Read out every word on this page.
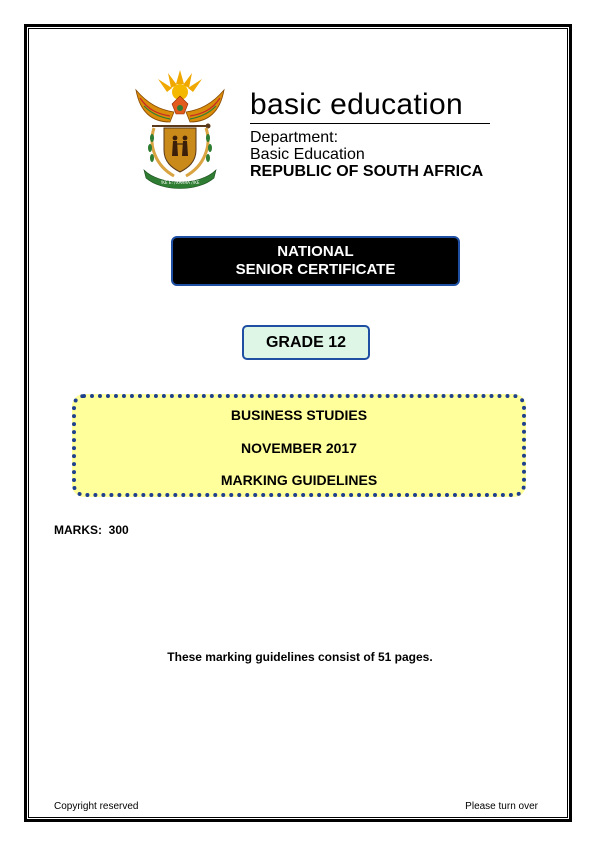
!KE E: /XARRA //KE
basic education
Department:
Basic Education
REPUBLIC OF SOUTH AFRICA
NATIONAL
SENIOR CERTIFICATE
GRADE 12
BUSINESS STUDIES
NOVEMBER 2017
MARKING GUIDELINES
MARKS:  300
These marking guidelines consist of 51 pages.
Copyright reserved	Please turn over
